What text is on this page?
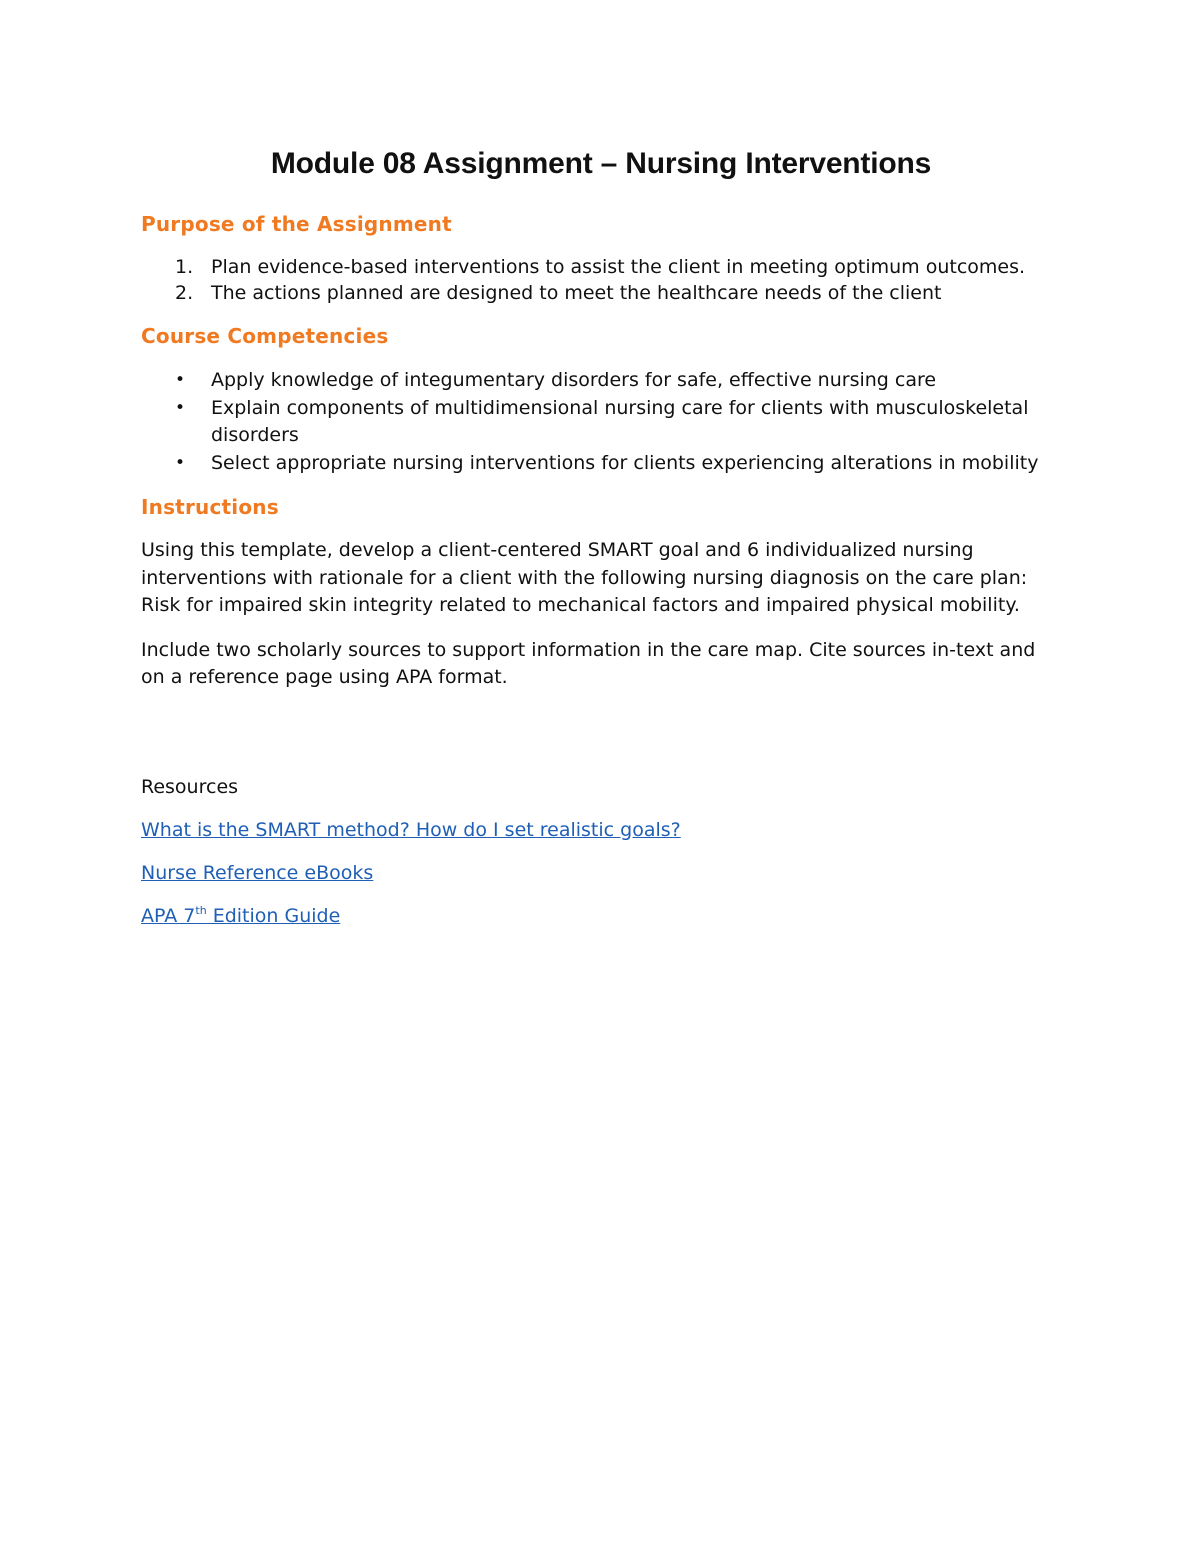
Module 08 Assignment – Nursing Interventions
Purpose of the Assignment
1. Plan evidence-based interventions to assist the client in meeting optimum outcomes.
2. The actions planned are designed to meet the healthcare needs of the client
Course Competencies
• Apply knowledge of integumentary disorders for safe, effective nursing care
• Explain components of multidimensional nursing care for clients with musculoskeletal disorders
• Select appropriate nursing interventions for clients experiencing alterations in mobility
Instructions

Using this template, develop a client-centered SMART goal and 6 individualized nursing interventions with rationale for a client with the following nursing diagnosis on the care plan: Risk for impaired skin integrity related to mechanical factors and impaired physical mobility.

Include two scholarly sources to support information in the care map. Cite sources in-text and on a reference page using APA format.

Resources
What is the SMART method? How do I set realistic goals?
Nurse Reference eBooks
APA 7th Edition Guide
